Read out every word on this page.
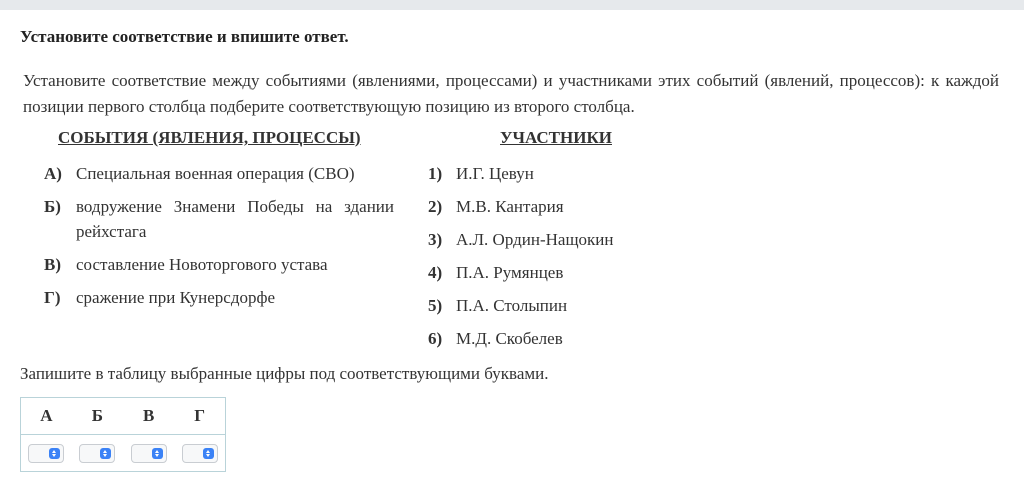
Установите соответствие и впишите ответ.
Установите соответствие между событиями (явлениями, процессами) и участниками этих событий (явлений, процессов): к каждой позиции первого столбца подберите соответствующую позицию из второго столбца.
СОБЫТИЯ (ЯВЛЕНИЯ, ПРОЦЕССЫ)	УЧАСТНИКИ
А) Специальная военная операция (СВО)
Б) водружение Знамени Победы на здании рейхстага
В) составление Новоторгового устава
Г) сражение при Кунерсдорфе
1) И.Г. Цевун
2) М.В. Кантария
3) А.Л. Ордин-Нащокин
4) П.А. Румянцев
5) П.А. Столыпин
6) М.Д. Скобелев
Запишите в таблицу выбранные цифры под соответствующими буквами.
А	Б	В	Г
